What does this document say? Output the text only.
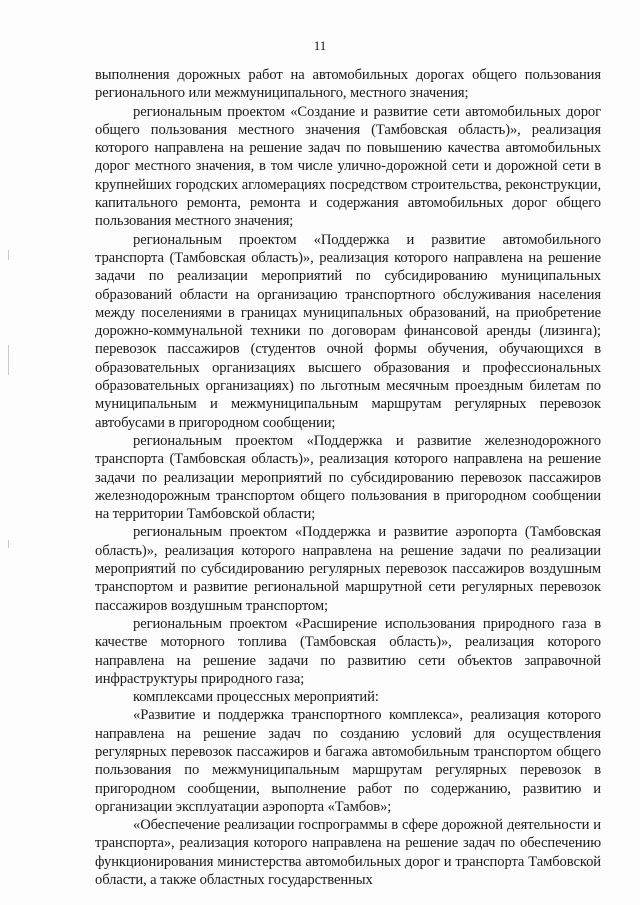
11

выполнения дорожных работ на автомобильных дорогах общего пользования регионального или межмуниципального, местного значения;

региональным проектом «Создание и развитие сети автомобильных дорог общего пользования местного значения (Тамбовская область)», реализация которого направлена на решение задач по повышению качества автомобильных дорог местного значения, в том числе улично-дорожной сети и дорожной сети в крупнейших городских агломерациях посредством строительства, реконструкции, капитального ремонта, ремонта и содержания автомобильных дорог общего пользования местного значения;

региональным проектом «Поддержка и развитие автомобильного транспорта (Тамбовская область)», реализация которого направлена на решение задачи по реализации мероприятий по субсидированию муниципальных образований области на организацию транспортного обслуживания населения между поселениями в границах муниципальных образований, на приобретение дорожно-коммунальной техники по договорам финансовой аренды (лизинга); перевозок пассажиров (студентов очной формы обучения, обучающихся в образовательных организациях высшего образования и профессиональных образовательных организациях) по льготным месячным проездным билетам по муниципальным и межмуниципальным маршрутам регулярных перевозок автобусами в пригородном сообщении;

региональным проектом «Поддержка и развитие железнодорожного транспорта (Тамбовская область)», реализация которого направлена на решение задачи по реализации мероприятий по субсидированию перевозок пассажиров железнодорожным транспортом общего пользования в пригородном сообщении на территории Тамбовской области;

региональным проектом «Поддержка и развитие аэропорта (Тамбовская область)», реализация которого направлена на решение задачи по реализации мероприятий по субсидированию регулярных перевозок пассажиров воздушным транспортом и развитие региональной маршрутной сети регулярных перевозок пассажиров воздушным транспортом;

региональным проектом «Расширение использования природного газа в качестве моторного топлива (Тамбовская область)», реализация которого направлена на решение задачи по развитию сети объектов заправочной инфраструктуры природного газа;

комплексами процессных мероприятий:

«Развитие и поддержка транспортного комплекса», реализация которого направлена на решение задач по созданию условий для осуществления регулярных перевозок пассажиров и багажа автомобильным транспортом общего пользования по межмуниципальным маршрутам регулярных перевозок в пригородном сообщении, выполнение работ по содержанию, развитию и организации эксплуатации аэропорта «Тамбов»;

«Обеспечение реализации госпрограммы в сфере дорожной деятельности и транспорта», реализация которого направлена на решение задач по обеспечению функционирования министерства автомобильных дорог и транспорта Тамбовской области, а также областных государственных
